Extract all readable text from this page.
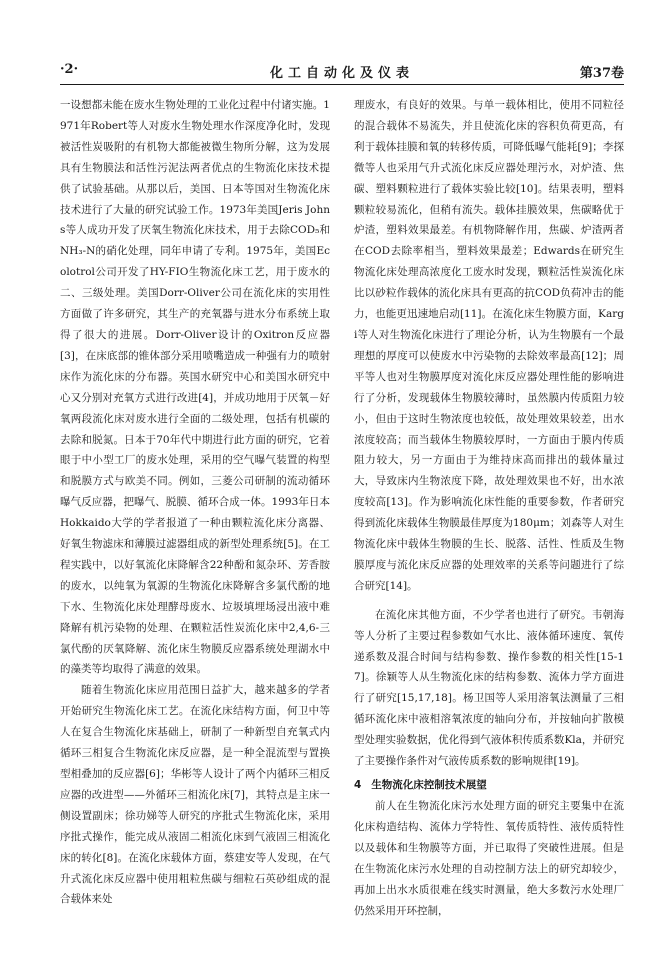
·2·	化工自动化及仪表	第37卷

一设想都未能在废水生物处理的工业化过程中付诸实施。1971年Robert等人对废水生物处理水作深度净化时，发现被活性炭吸附的有机物大都能被微生物所分解，这为发展具有生物膜法和活性污泥法两者优点的生物流化床技术提供了试验基础。从那以后，美国、日本等国对生物流化床技术进行了大量的研究试验工作。1973年美国Jeris Johns等人成功开发了厌氧生物流化床技术，用于去除COD₅和NH₃-N的硝化处理，同年申请了专利。1975年，美国Ecolotrol公司开发了HY-FIO生物流化床工艺，用于废水的二、三级处理。美国Dorr-Oliver公司在流化床的实用性方面做了许多研究，其生产的充氧器与进水分布系统上取得了很大的进展。Dorr-Oliver设计的Oxitron反应器[3]，在床底部的锥体部分采用喷嘴造成一种强有力的喷射床作为流化床的分布器。英国水研究中心和美国水研究中心又分别对充氧方式进行改进[4]，并成功地用于厌氧－好氧两段流化床对废水进行全面的二级处理，包括有机碳的去除和脱氮。日本于70年代中期进行此方面的研究，它着眼于中小型工厂的废水处理，采用的空气曝气装置的构型和脱膜方式与欧美不同。例如，三菱公司研制的流动循环曝气反应器，把曝气、脱膜、循环合成一体。1993年日本Hokkaido大学的学者报道了一种由颗粒流化床分离器、好氧生物滤床和薄膜过滤器组成的新型处理系统[5]。在工程实践中，以好氧流化床降解含22种酚和氮杂环、芳香胺的废水，以纯氧为氧源的生物流化床降解含多氯代酚的地下水、生物流化床处理酵母废水、垃圾填埋场浸出液中难降解有机污染物的处理、在颗粒活性炭流化床中2,4,6-三氯代酚的厌氧降解、流化床生物膜反应器系统处理湖水中的藻类等均取得了满意的效果。

随着生物流化床应用范围日益扩大，越来越多的学者开始研究生物流化床工艺。在流化床结构方面，何卫中等人在复合生物流化床基础上，研制了一种新型自充氧式内循环三相复合生物流化床反应器，是一种全混流型与置换型相叠加的反应器[6]；华彬等人设计了两个内循环三相反应器的改进型——外循环三相流化床[7]，其特点是主床一侧设置副床；徐功娣等人研究的序批式生物流化床，采用序批式操作，能完成从液固二相流化床到气液固三相流化床的转化[8]。在流化床载体方面，蔡建安等人发现，在气升式流化床反应器中使用粗粒焦碳与细粒石英砂组成的混合载体来处

理废水，有良好的效果。与单一载体相比，使用不同粒径的混合载体不易流失，并且使流化床的容积负荷更高，有利于载体挂膜和氧的转移传质，可降低曝气能耗[9]；李探微等人也采用气升式流化床反应器处理污水，对炉渣、焦碳、塑料颗粒进行了载体实验比较[10]。结果表明，塑料颗粒较易流化，但稍有流失。载体挂膜效果，焦碳略优于炉渣，塑料效果最差。有机物降解作用，焦碳、炉渣两者在COD去除率相当，塑料效果最差；Edwards在研究生物流化床处理高浓度化工废水时发现，颗粒活性炭流化床比以砂粒作载体的流化床具有更高的抗COD负荷冲击的能力，也能更迅速地启动[11]。在流化床生物膜方面，Kargi等人对生物流化床进行了理论分析，认为生物膜有一个最理想的厚度可以使废水中污染物的去除效率最高[12]；周平等人也对生物膜厚度对流化床反应器处理性能的影响进行了分析，发现载体生物膜较薄时，虽然膜内传质阻力较小，但由于这时生物浓度也较低，故处理效果较差，出水浓度较高；而当载体生物膜较厚时，一方面由于膜内传质阻力较大，另一方面由于为维持床高而排出的载体量过大，导致床内生物浓度下降，故处理效果也不好，出水浓度较高[13]。作为影响流化床性能的重要参数，作者研究得到流化床载体生物膜最佳厚度为180μm；刘森等人对生物流化床中载体生物膜的生长、脱落、活性、性质及生物膜厚度与流化床反应器的处理效率的关系等问题进行了综合研究[14]。

在流化床其他方面，不少学者也进行了研究。韦朝海等人分析了主要过程参数如气水比、液体循环速度、氧传递系数及混合时间与结构参数、操作参数的相关性[15-17]。徐颖等人从生物流化床的结构参数、流体力学方面进行了研究[15,17,18]。杨卫国等人采用溶氧法测量了三相循环流化床中液相溶氧浓度的轴向分布，并按轴向扩散模型处理实验数据，优化得到气液体积传质系数Kla，并研究了主要操作条件对气液传质系数的影响规律[19]。

4 生物流化床控制技术展望

前人在生物流化床污水处理方面的研究主要集中在流化床构造结构、流体力学特性、氧传质特性、液传质特性以及载体和生物膜等方面，并已取得了突破性进展。但是在生物流化床污水处理的自动控制方法上的研究却较少，再加上出水水质很难在线实时测量，绝大多数污水处理厂仍然采用开环控制，
